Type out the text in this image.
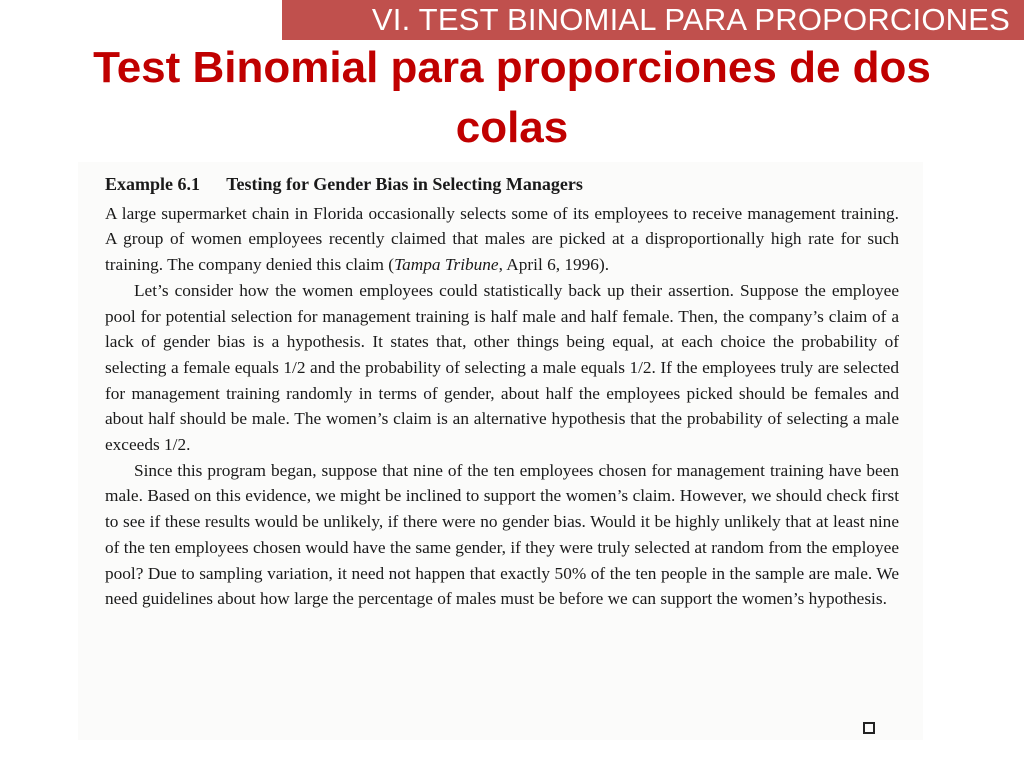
VI. TEST BINOMIAL PARA PROPORCIONES
Test Binomial para proporciones de dos colas
Example 6.1 Testing for Gender Bias in Selecting Managers

A large supermarket chain in Florida occasionally selects some of its employees to receive management training. A group of women employees recently claimed that males are picked at a disproportionally high rate for such training. The company denied this claim (Tampa Tribune, April 6, 1996).

Let’s consider how the women employees could statistically back up their assertion. Suppose the employee pool for potential selection for management training is half male and half female. Then, the company’s claim of a lack of gender bias is a hypothesis. It states that, other things being equal, at each choice the probability of selecting a female equals 1/2 and the probability of selecting a male equals 1/2. If the employees truly are selected for management training randomly in terms of gender, about half the employees picked should be females and about half should be male. The women’s claim is an alternative hypothesis that the probability of selecting a male exceeds 1/2.

Since this program began, suppose that nine of the ten employees chosen for management training have been male. Based on this evidence, we might be inclined to support the women’s claim. However, we should check first to see if these results would be unlikely, if there were no gender bias. Would it be highly unlikely that at least nine of the ten employees chosen would have the same gender, if they were truly selected at random from the employee pool? Due to sampling variation, it need not happen that exactly 50% of the ten people in the sample are male. We need guidelines about how large the percentage of males must be before we can support the women’s hypothesis.
